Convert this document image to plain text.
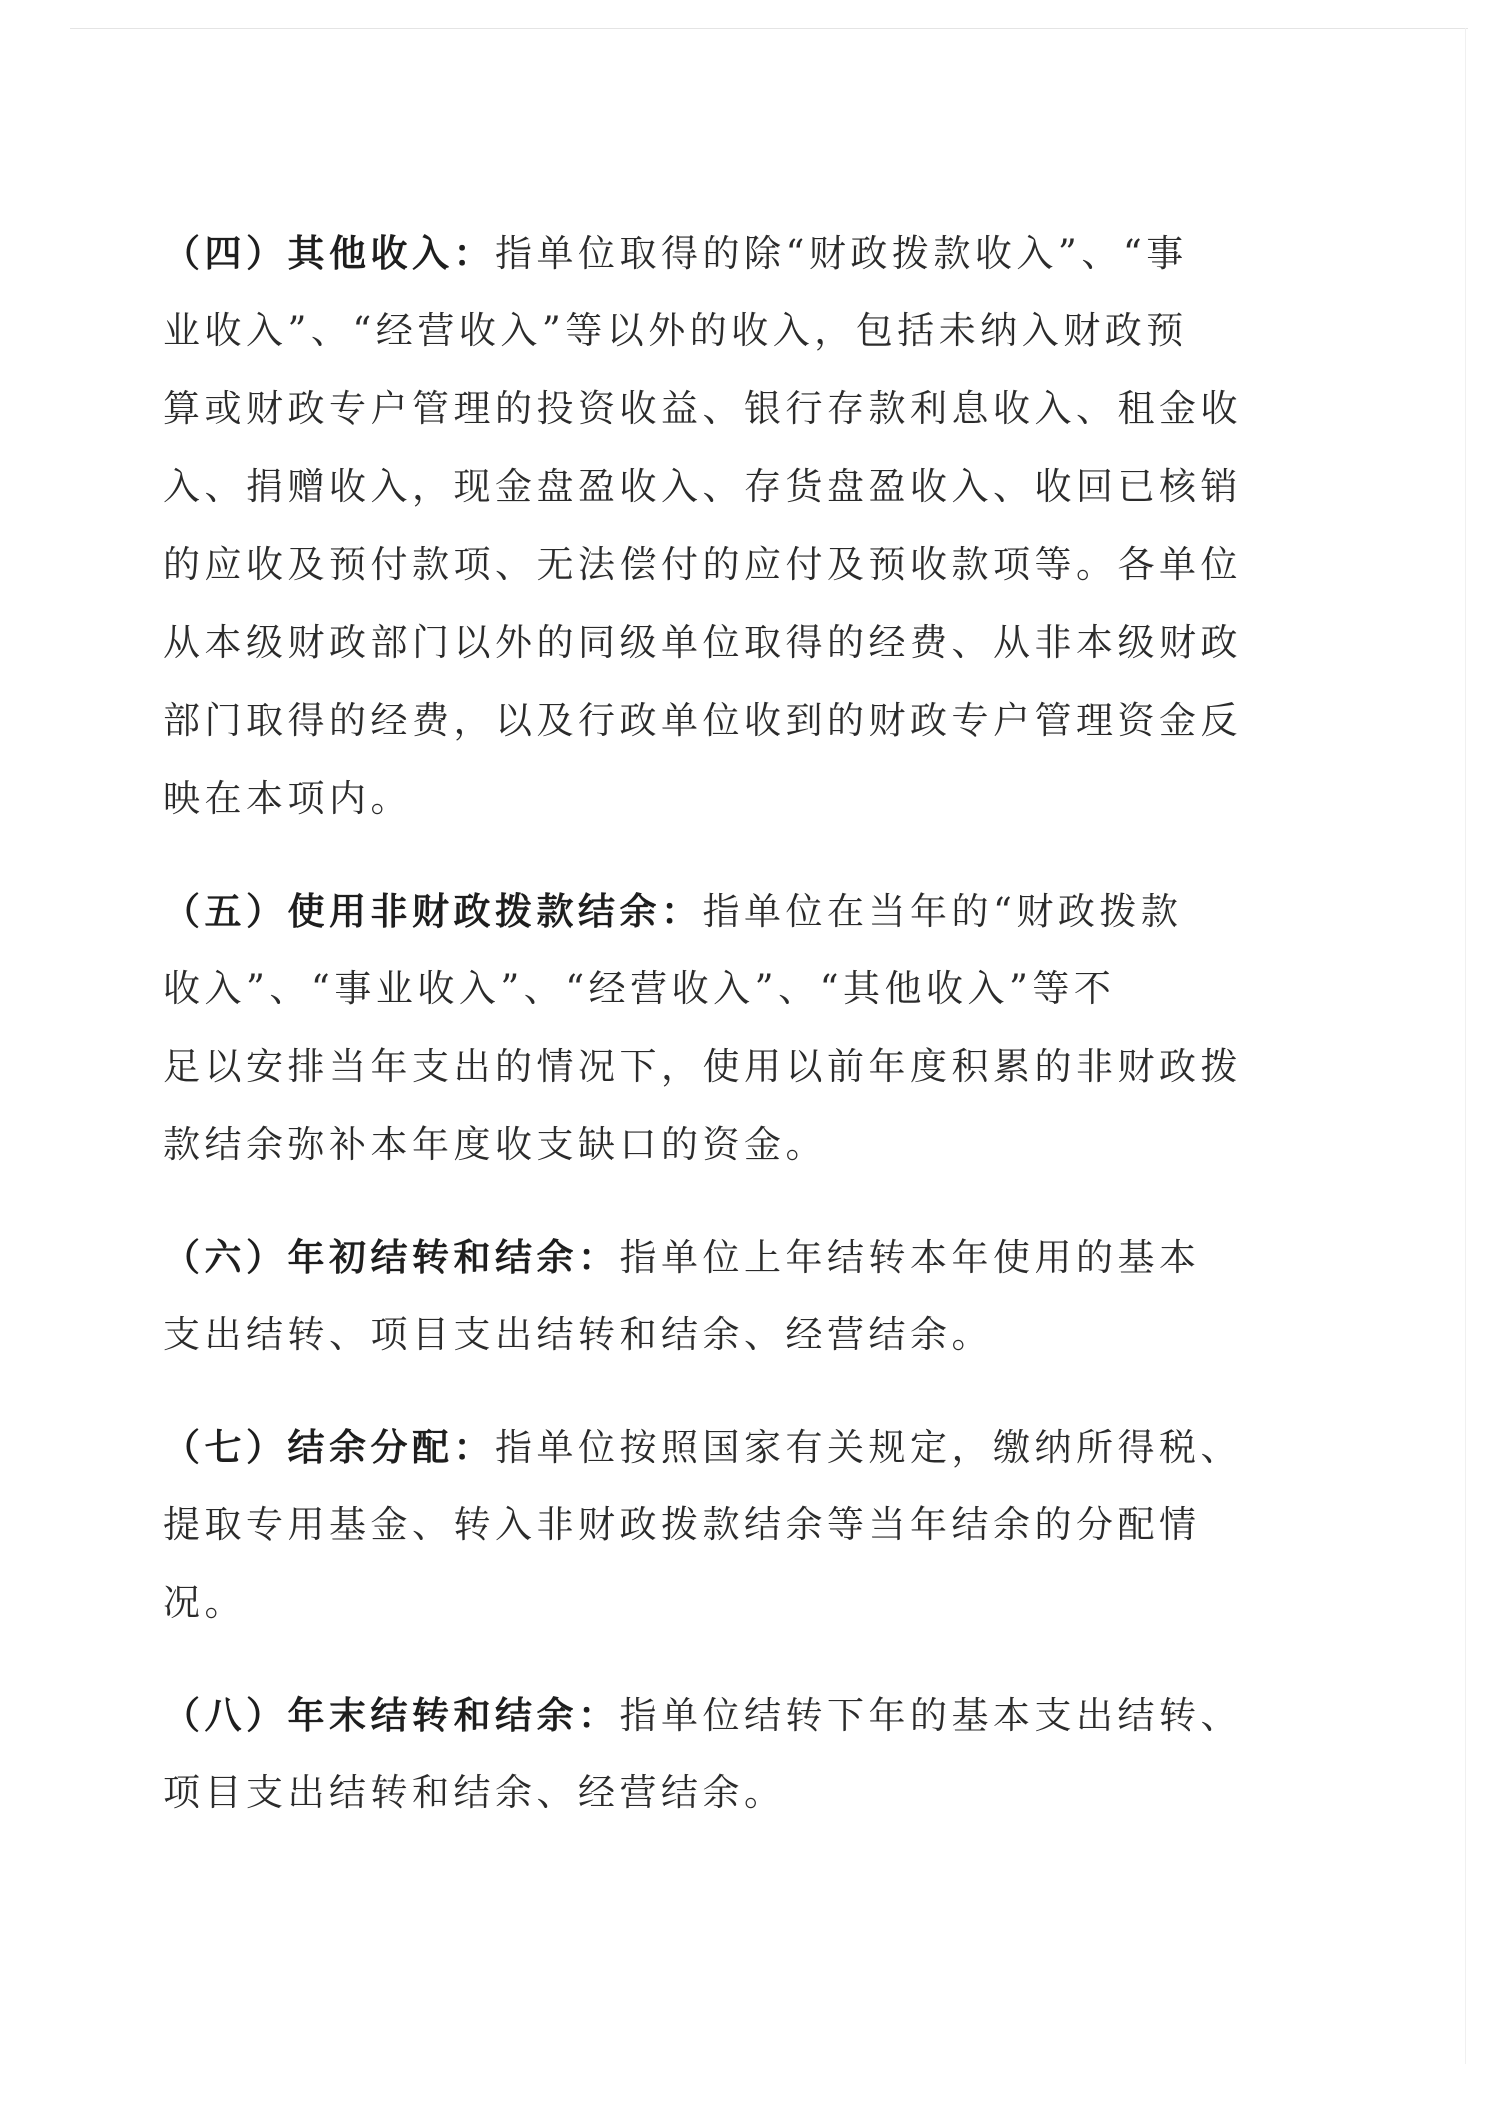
（四）其他收入：指单位取得的除“财政拨款收入”、“事
业收入”、“经营收入”等以外的收入，包括未纳入财政预
算或财政专户管理的投资收益、银行存款利息收入、租金收
入、捐赠收入，现金盘盈收入、存货盘盈收入、收回已核销
的应收及预付款项、无法偿付的应付及预收款项等。各单位
从本级财政部门以外的同级单位取得的经费、从非本级财政
部门取得的经费，以及行政单位收到的财政专户管理资金反
映在本项内。
（五）使用非财政拨款结余：指单位在当年的“财政拨款
收入”、“事业收入”、“经营收入”、“其他收入”等不
足以安排当年支出的情况下，使用以前年度积累的非财政拨
款结余弥补本年度收支缺口的资金。
（六）年初结转和结余：指单位上年结转本年使用的基本
支出结转、项目支出结转和结余、经营结余。
（七）结余分配：指单位按照国家有关规定，缴纳所得税、
提取专用基金、转入非财政拨款结余等当年结余的分配情
况。
（八）年末结转和结余：指单位结转下年的基本支出结转、
项目支出结转和结余、经营结余。
